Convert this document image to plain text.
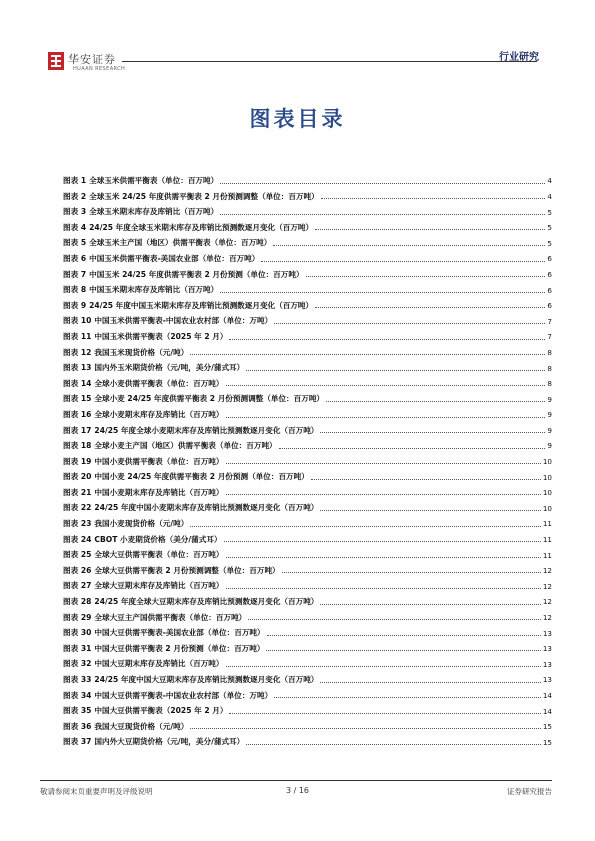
华安证券
HUAAN RESEARCH
行业研究
图表目录
图表 1 全球玉米供需平衡表（单位：百万吨）	4
图表 2 全球玉米 24/25 年度供需平衡表 2 月份预测调整（单位：百万吨）	4
图表 3 全球玉米期末库存及库销比（百万吨）	5
图表 4 24/25 年度全球玉米期末库存及库销比预测数逐月变化（百万吨）	5
图表 5 全球玉米主产国（地区）供需平衡表（单位：百万吨）	5
图表 6 中国玉米供需平衡表-美国农业部（单位：百万吨）	6
图表 7 中国玉米 24/25 年度供需平衡表 2 月份预测（单位：百万吨）	6
图表 8 中国玉米期末库存及库销比（百万吨）	6
图表 9 24/25 年度中国玉米期末库存及库销比预测数逐月变化（百万吨）	6
图表 10 中国玉米供需平衡表-中国农业农村部（单位：万吨）	7
图表 11 中国玉米供需平衡表（2025 年 2 月）	7
图表 12 我国玉米现货价格（元/吨）	8
图表 13 国内外玉米期货价格（元/吨，美分/蒲式耳）	8
图表 14 全球小麦供需平衡表（单位：百万吨）	8
图表 15 全球小麦 24/25 年度供需平衡表 2 月份预测调整（单位：百万吨）	9
图表 16 全球小麦期末库存及库销比（百万吨）	9
图表 17 24/25 年度全球小麦期末库存及库销比预测数逐月变化（百万吨）	9
图表 18 全球小麦主产国（地区）供需平衡表（单位：百万吨）	9
图表 19 中国小麦供需平衡表（单位：百万吨）	10
图表 20 中国小麦 24/25 年度供需平衡表 2 月份预测（单位：百万吨）	10
图表 21 中国小麦期末库存及库销比（百万吨）	10
图表 22 24/25 年度中国小麦期末库存及库销比预测数逐月变化（百万吨）	10
图表 23 我国小麦现货价格（元/吨）	11
图表 24 CBOT 小麦期货价格（美分/蒲式耳）	11
图表 25 全球大豆供需平衡表（单位：百万吨）	11
图表 26 全球大豆供需平衡表 2 月份预测调整（单位：百万吨）	12
图表 27 全球大豆期末库存及库销比（百万吨）	12
图表 28 24/25 年度全球大豆期末库存及库销比预测数逐月变化（百万吨）	12
图表 29 全球大豆主产国供需平衡表（单位：百万吨）	12
图表 30 中国大豆供需平衡表-美国农业部（单位：百万吨）	13
图表 31 中国大豆供需平衡表 2 月份预测（单位：百万吨）	13
图表 32 中国大豆期末库存及库销比（百万吨）	13
图表 33 24/25 年度中国大豆期末库存及库销比预测数逐月变化（百万吨）	13
图表 34 中国大豆供需平衡表-中国农业农村部（单位：万吨）	14
图表 35 中国大豆供需平衡表（2025 年 2 月）	14
图表 36 我国大豆现货价格（元/吨）	15
图表 37 国内外大豆期货价格（元/吨，美分/蒲式耳）	15
敬请参阅末页重要声明及评级说明	3 / 16	证券研究报告
